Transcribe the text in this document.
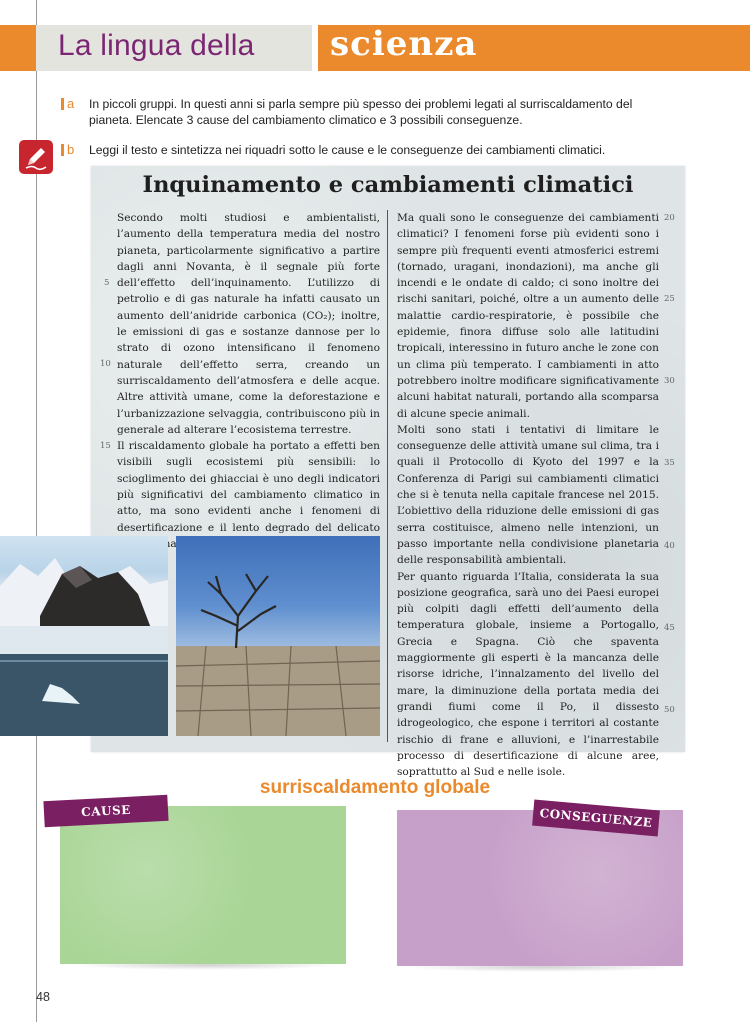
La lingua della scienza
a In piccoli gruppi. In questi anni si parla sempre più spesso dei problemi legati al surriscaldamento del pianeta. Elencate 3 cause del cambiamento climatico e 3 possibili conseguenze.
b Leggi il testo e sintetizza nei riquadri sotto le cause e le conseguenze dei cambiamenti climatici.
Inquinamento e cambiamenti climatici

Secondo molti studiosi e ambientalisti, l’aumento della temperatura media del nostro pianeta, particolarmente significativo a partire dagli anni Novanta, è il segnale più forte dell’effetto dell’inquinamento. L’utilizzo di petrolio e di gas naturale ha infatti causato un aumento dell’anidride carbonica (CO₂); inoltre, le emissioni di gas e sostanze dannose per lo strato di ozono intensificano il fenomeno naturale dell’effetto serra, creando un surriscaldamento dell’atmosfera e delle acque. Altre attività umane, come la deforestazione e l’urbanizzazione selvaggia, contribuiscono più in generale ad alterare l’ecosistema terrestre.

Il riscaldamento globale ha portato a effetti ben visibili sugli ecosistemi più sensibili: lo scioglimento dei ghiacciai è uno degli indicatori più significativi del cambiamento climatico in atto, ma sono evidenti anche i fenomeni di desertificazione e il lento degrado del delicato

Ma quali sono le conseguenze dei cambiamenti climatici? I fenomeni forse più evidenti sono i sempre più frequenti eventi atmosferici estremi (tornado, uragani, inondazioni), ma anche gli incendi e le ondate di caldo; ci sono inoltre dei rischi sanitari, poiché, oltre a un aumento delle malattie cardio-respiratorie, è possibile che epidemie, finora diffuse solo alle latitudini tropicali, interessino in futuro anche le zone con un clima più temperato. I cambiamenti in atto potrebbero inoltre modificare significativamente alcuni habitat naturali, portando alla scomparsa di alcune specie animali.

Molti sono stati i tentativi di limitare le conseguenze delle attività umane sul clima, tra i quali il Protocollo di Kyoto del 1997 e la Conferenza di Parigi sui cambiamenti climatici che si è tenuta nella capitale francese nel 2015. L’obiettivo della riduzione delle emissioni di gas serra costituisce, almeno nelle intenzioni, un passo importante nella condivisione planetaria delle responsabilità ambientali.

Per quanto riguarda l’Italia, considerata la sua posizione geografica, sarà uno dei Paesi europei più colpiti dagli effetti dell’aumento della temperatura globale, insieme a Portogallo, Grecia e Spagna. Ciò che spaventa maggiormente gli esperti è la mancanza delle risorse idriche, l’innalzamento del livello del mare, la diminuzione della portata media dei grandi fiumi come il Po, il dissesto idrogeologico, che espone i territori al costante rischio di frane e alluvioni, e l’inarrestabile processo di desertificazione di alcune aree, soprattutto al Sud e nelle isole.

5
10
15
20
25
30
35
40
45
50
surriscaldamento globale
CAUSE	CONSEGUENZE
48
